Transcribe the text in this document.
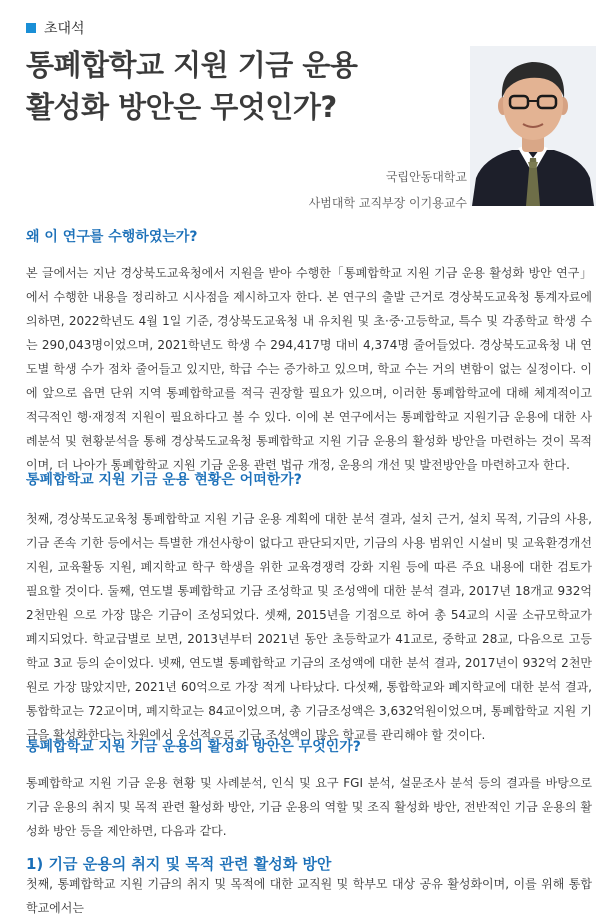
초대석
통폐합학교 지원 기금 운용
활성화 방안은 무엇인가?
국립안동대학교
사범대학 교직부장 이기용교수
왜 이 연구를 수행하였는가?

본 글에서는 지난 경상북도교육청에서 지원을 받아 수행한「통폐합학교 지원 기금 운용 활성화 방안 연구」에서 수행한 내용을 정리하고 시사점을 제시하고자 한다. 본 연구의 출발 근거로 경상북도교육청 통계자료에 의하면, 2022학년도 4월 1일 기준, 경상북도교육청 내 유치원 및 초·중·고등학교, 특수 및 각종학교 학생 수는 290,043명이었으며, 2021학년도 학생 수 294,417명 대비 4,374명 줄어들었다. 경상북도교육청 내 연도별 학생 수가 점차 줄어들고 있지만, 학급 수는 증가하고 있으며, 학교 수는 거의 변함이 없는 실정이다. 이에 앞으로 읍면 단위 지역 통폐합학교를 적극 권장할 필요가 있으며, 이러한 통폐합학교에 대해 체계적이고 적극적인 행·재정적 지원이 필요하다고 볼 수 있다. 이에 본 연구에서는 통폐합학교 지원기금 운용에 대한 사례분석 및 현황분석을 통해 경상북도교육청 통폐합학교 지원 기금 운용의 활성화 방안을 마련하는 것이 목적이며, 더 나아가 통폐합학교 지원 기금 운용 관련 법규 개정, 운용의 개선 및 발전방안을 마련하고자 한다.

통폐합학교 지원 기금 운용 현황은 어떠한가?

첫째, 경상북도교육청 통폐합학교 지원 기금 운용 계획에 대한 분석 결과, 설치 근거, 설치 목적, 기금의 사용, 기금 존속 기한 등에서는 특별한 개선사항이 없다고 판단되지만, 기금의 사용 범위인 시설비 및 교육환경개선 지원, 교육활동 지원, 폐지학교 학구 학생을 위한 교육경쟁력 강화 지원 등에 따른 주요 내용에 대한 검토가 필요할 것이다. 둘째, 연도별 통폐합학교 기금 조성학교 및 조성액에 대한 분석 결과, 2017년 18개교 932억 2천만원 으로 가장 많은 기금이 조성되었다. 셋째, 2015년을 기점으로 하여 총 54교의 시골 소규모학교가 폐지되었다. 학교급별로 보면, 2013년부터 2021년 동안 초등학교가 41교로, 중학교 28교, 다음으로 고등학교 3교 등의 순이었다. 넷째, 연도별 통폐합학교 기금의 조성액에 대한 분석 결과, 2017년이 932억 2천만원로 가장 많았지만, 2021년 60억으로 가장 적게 나타났다. 다섯째, 통합학교와 폐지학교에 대한 분석 결과, 통합학교는 72교이며, 폐지학교는 84교이었으며, 총 기금조성액은 3,632억원이었으며, 통폐합학교 지원 기금을 활성화한다는 차원에서 우선적으로 기금 조성액이 많은 학교를 관리해야 할 것이다.

통폐합학교 지원 기금 운용의 활성화 방안은 무엇인가?

통폐합학교 지원 기금 운용 현황 및 사례분석, 인식 및 요구 FGI 분석, 설문조사 분석 등의 결과를 바탕으로 기금 운용의 취지 및 목적 관련 활성화 방안, 기금 운용의 역할 및 조직 활성화 방안, 전반적인 기금 운용의 활성화 방안 등을 제안하면, 다음과 같다.

1) 기금 운용의 취지 및 목적 관련 활성화 방안

첫째, 통폐합학교 지원 기금의 취지 및 목적에 대한 교직원 및 학부모 대상 공유 활성화이며, 이를 위해 통합학교에서는
